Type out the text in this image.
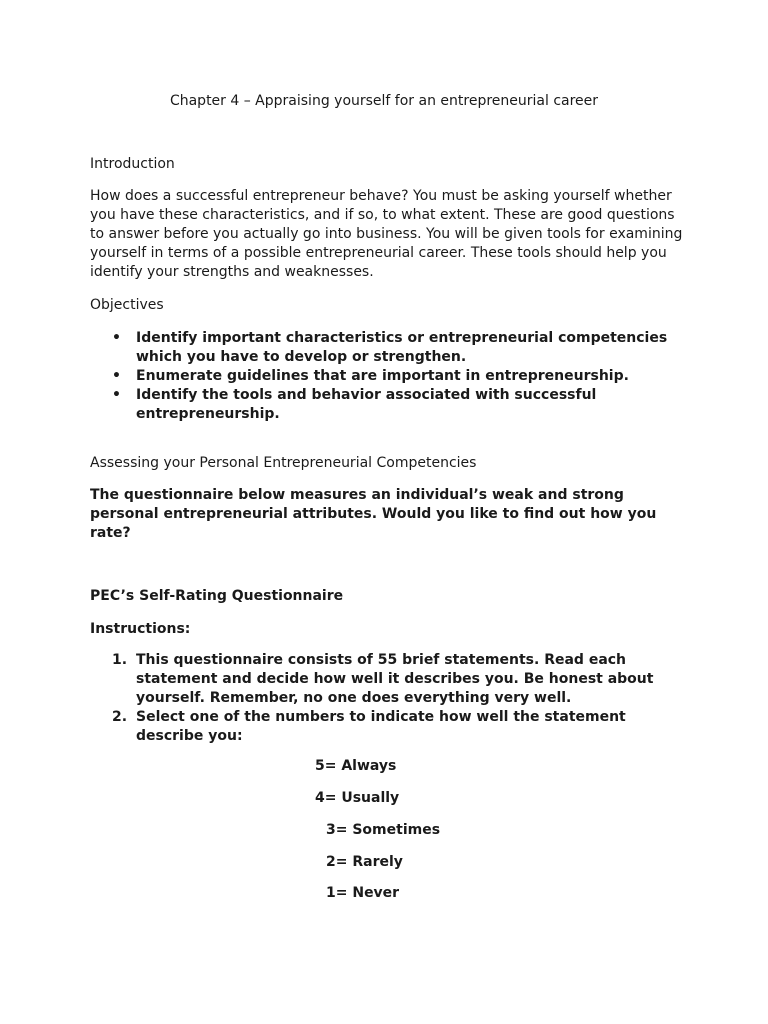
Chapter 4 – Appraising yourself for an entrepreneurial career
Introduction
How does a successful entrepreneur behave? You must be asking yourself whether
you have these characteristics, and if so, to what extent. These are good questions
to answer before you actually go into business. You will be given tools for examining
yourself in terms of a possible entrepreneurial career. These tools should help you
identify your strengths and weaknesses.
Objectives
• Identify important characteristics or entrepreneurial competencies
which you have to develop or strengthen.
• Enumerate guidelines that are important in entrepreneurship.
• Identify the tools and behavior associated with successful
entrepreneurship.
Assessing your Personal Entrepreneurial Competencies
The questionnaire below measures an individual’s weak and strong
personal entrepreneurial attributes. Would you like to find out how you
rate?
PEC’s Self-Rating Questionnaire
Instructions:
1. This questionnaire consists of 55 brief statements. Read each
statement and decide how well it describes you. Be honest about
yourself. Remember, no one does everything very well.
2. Select one of the numbers to indicate how well the statement
describe you:
5= Always
4= Usually
3= Sometimes
2= Rarely
1= Never
